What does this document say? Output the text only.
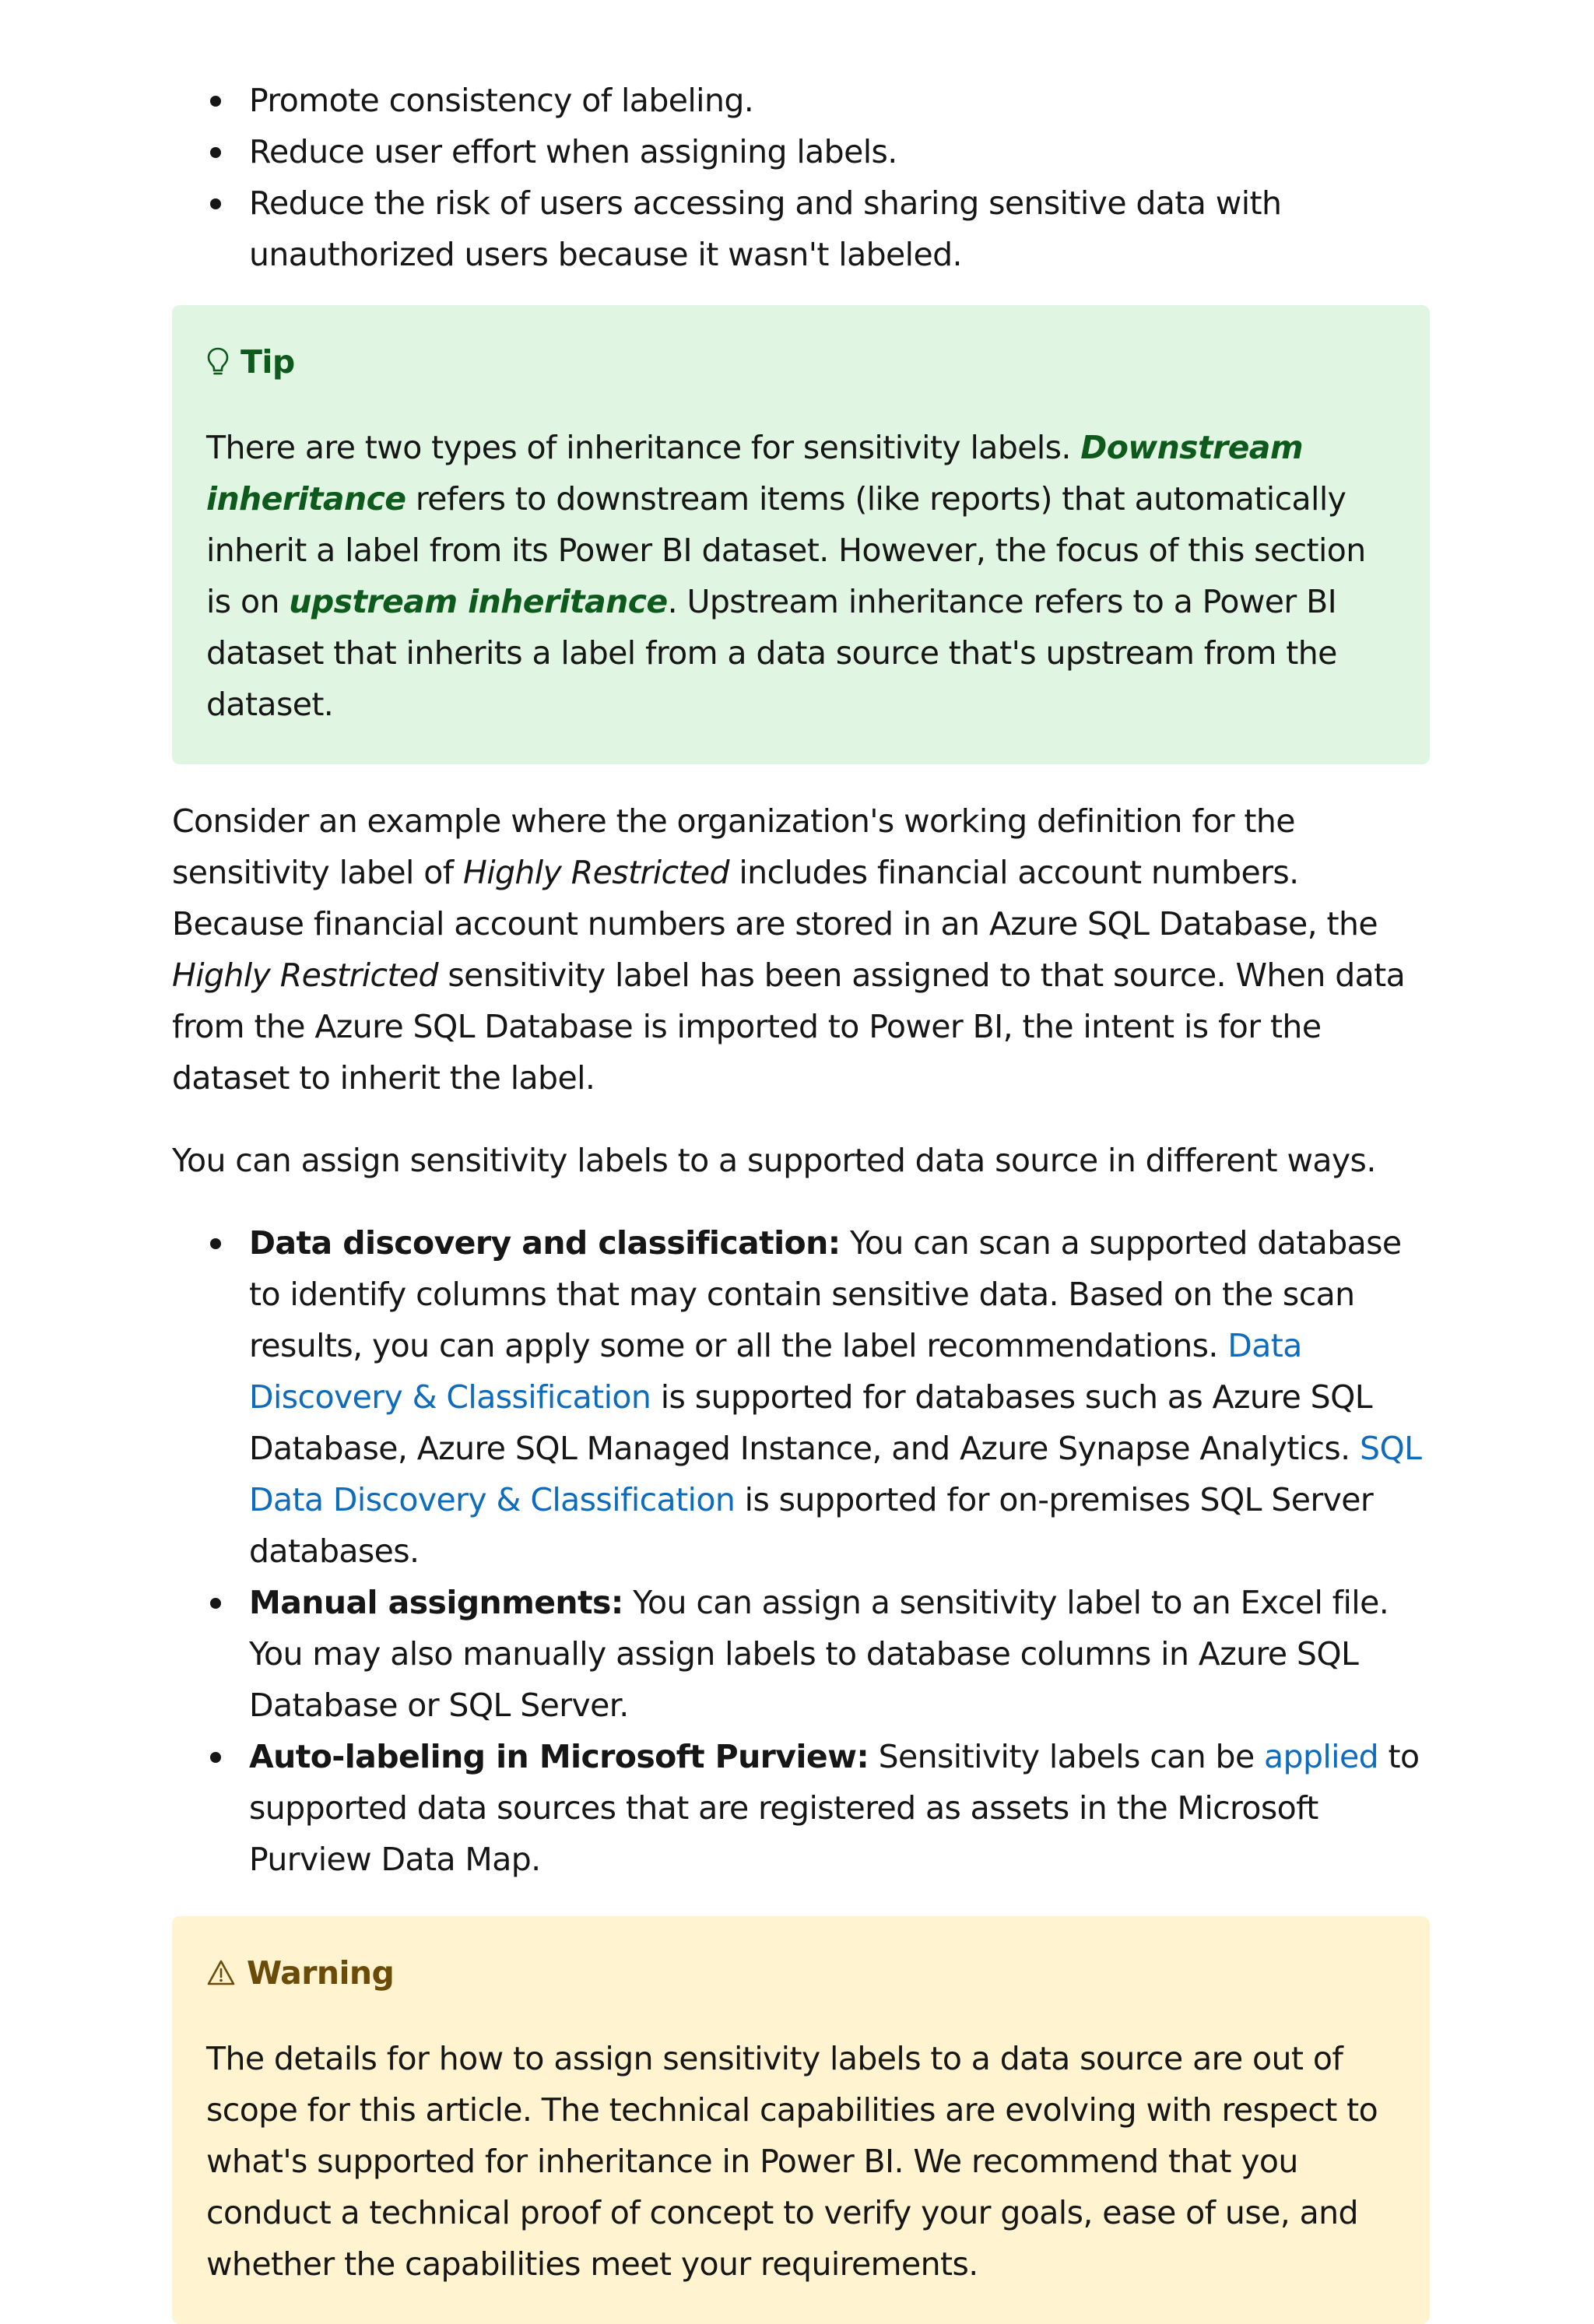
Promote consistency of labeling.
Reduce user effort when assigning labels.
Reduce the risk of users accessing and sharing sensitive data with unauthorized users because it wasn't labeled.
Tip

There are two types of inheritance for sensitivity labels. Downstream inheritance refers to downstream items (like reports) that automatically inherit a label from its Power BI dataset. However, the focus of this section is on upstream inheritance. Upstream inheritance refers to a Power BI dataset that inherits a label from a data source that's upstream from the dataset.

Consider an example where the organization's working definition for the sensitivity label of Highly Restricted includes financial account numbers. Because financial account numbers are stored in an Azure SQL Database, the Highly Restricted sensitivity label has been assigned to that source. When data from the Azure SQL Database is imported to Power BI, the intent is for the dataset to inherit the label.

You can assign sensitivity labels to a supported data source in different ways.

Data discovery and classification: You can scan a supported database to identify columns that may contain sensitive data. Based on the scan results, you can apply some or all the label recommendations. Data Discovery & Classification is supported for databases such as Azure SQL Database, Azure SQL Managed Instance, and Azure Synapse Analytics. SQL Data Discovery & Classification is supported for on-premises SQL Server databases.
Manual assignments: You can assign a sensitivity label to an Excel file. You may also manually assign labels to database columns in Azure SQL Database or SQL Server.
Auto-labeling in Microsoft Purview: Sensitivity labels can be applied to supported data sources that are registered as assets in the Microsoft Purview Data Map.
Warning

The details for how to assign sensitivity labels to a data source are out of scope for this article. The technical capabilities are evolving with respect to what's supported for inheritance in Power BI. We recommend that you conduct a technical proof of concept to verify your goals, ease of use, and whether the capabilities meet your requirements.
